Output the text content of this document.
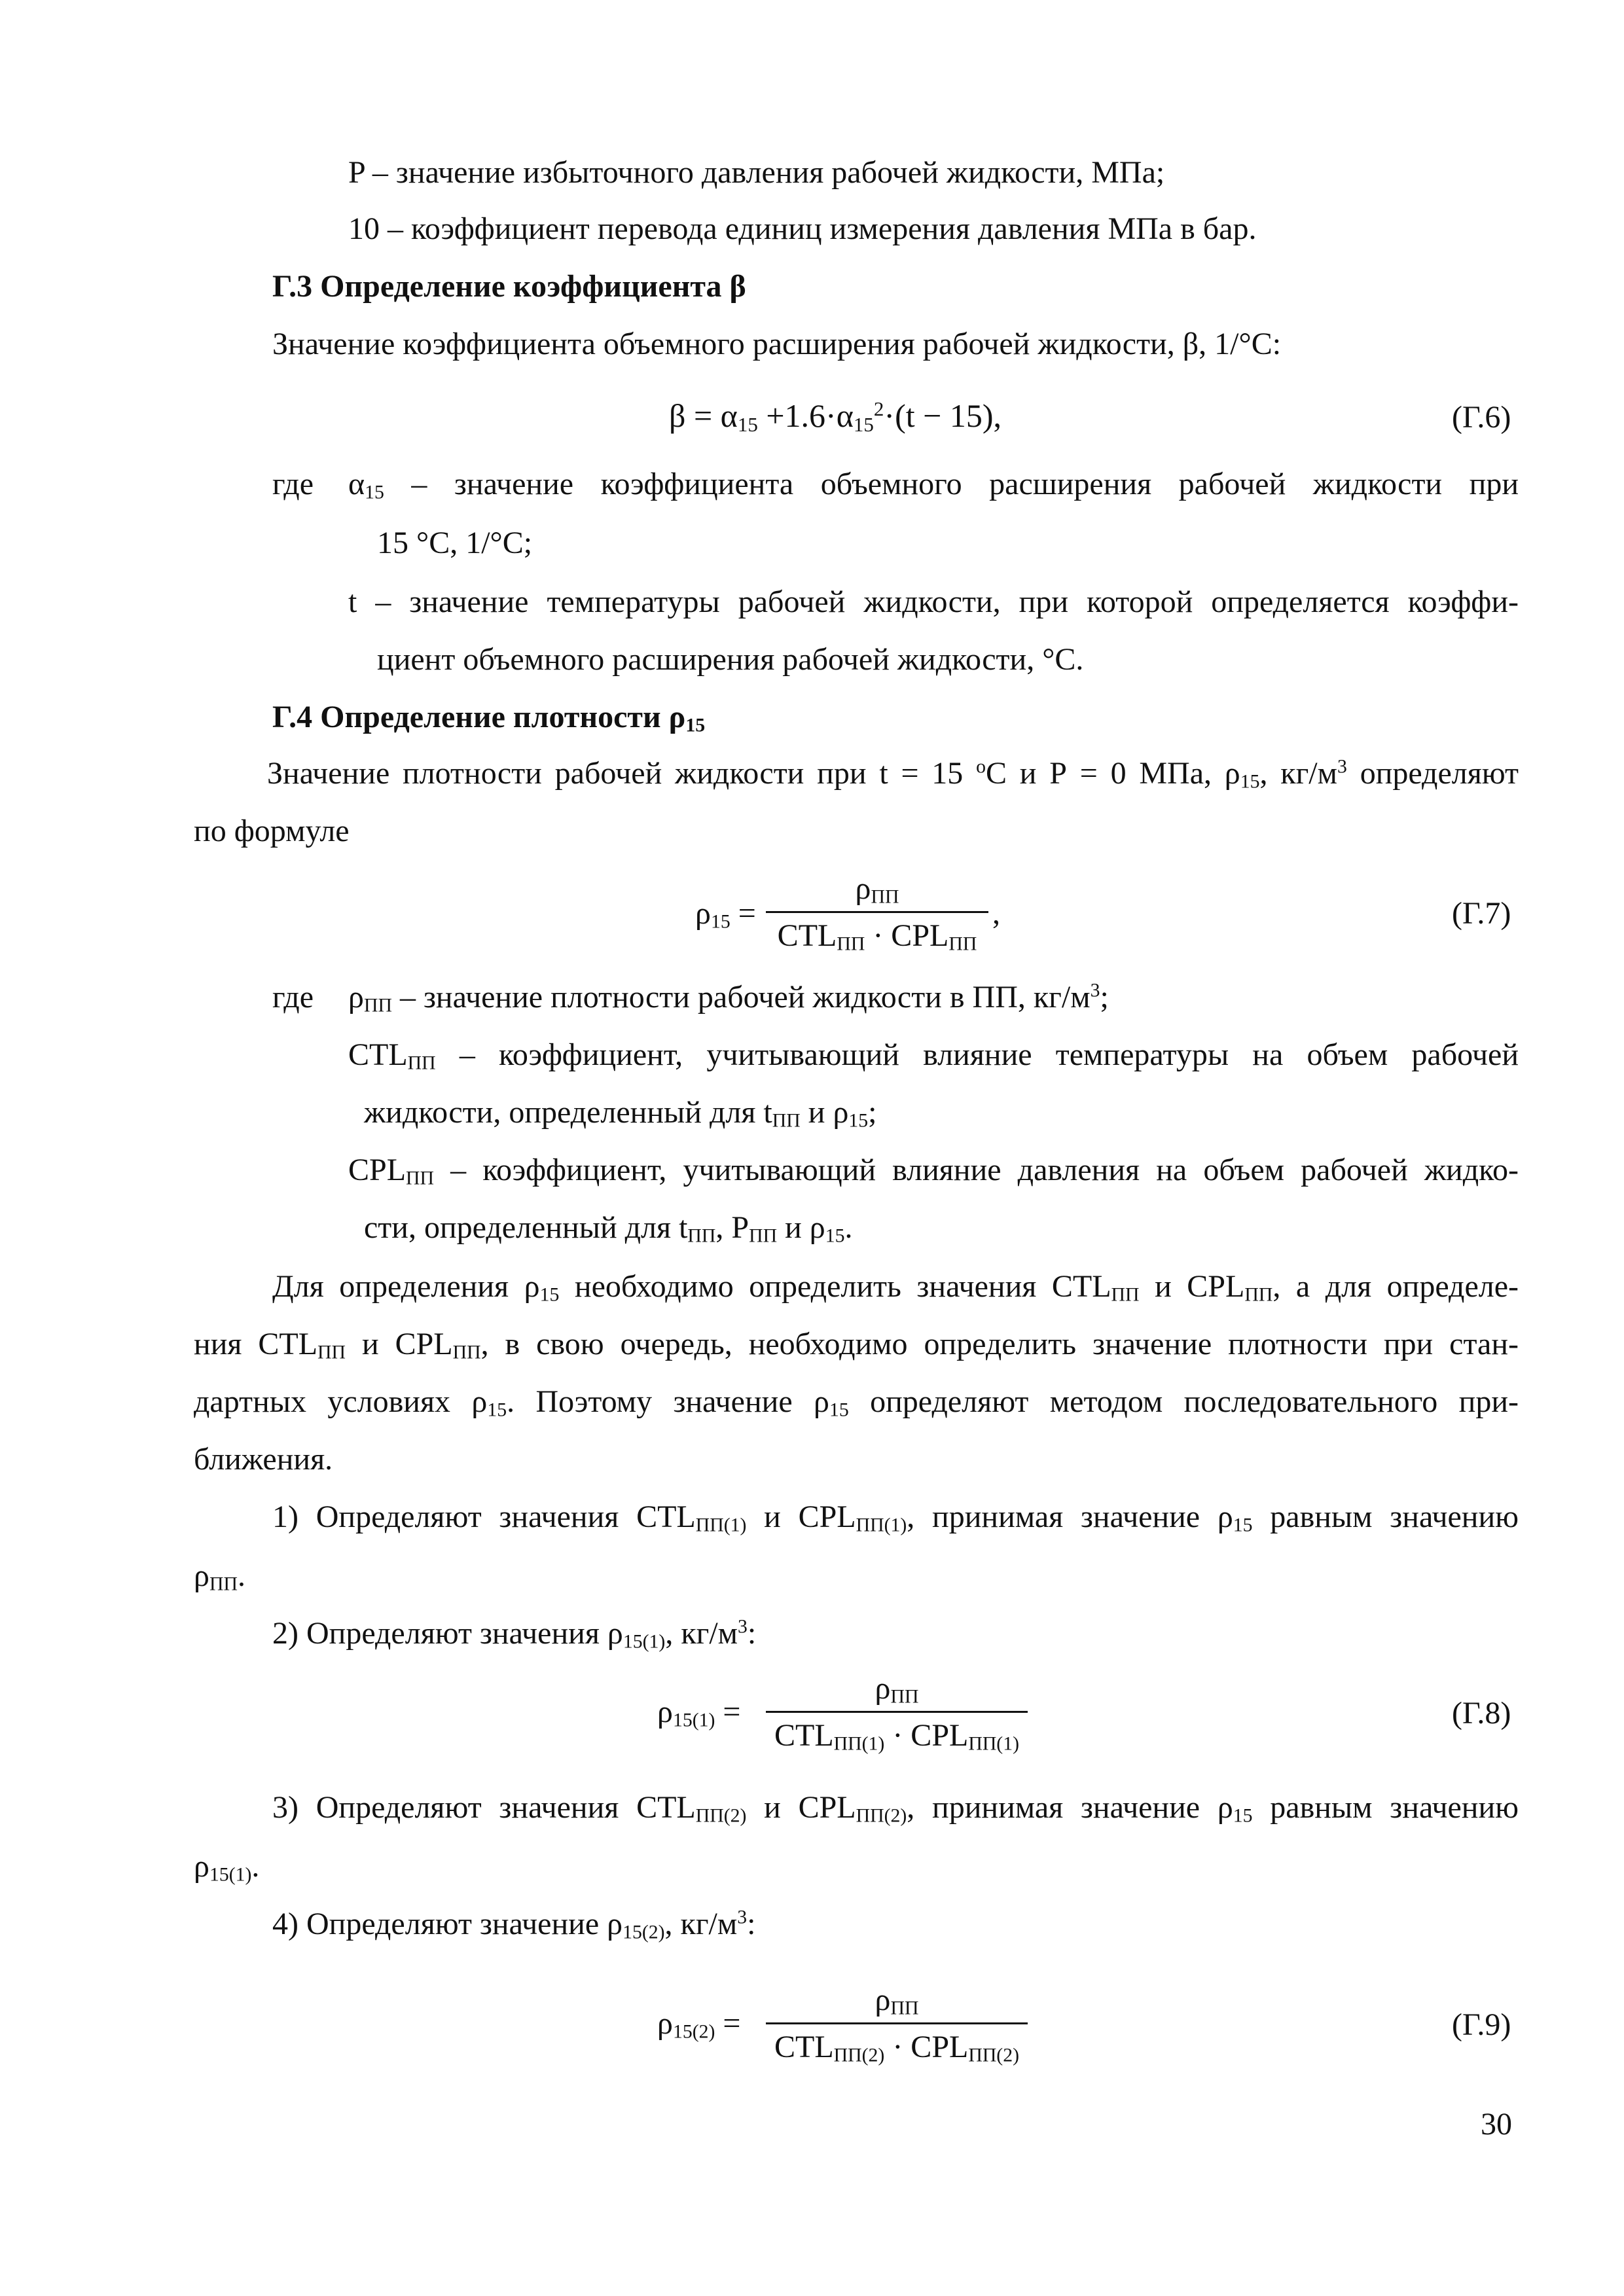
P – значение избыточного давления рабочей жидкости, МПа;
10 – коэффициент перевода единиц измерения давления МПа в бар.
Г.3 Определение коэффициента β
Значение коэффициента объемного расширения рабочей жидкости, β, 1/°C:
$\beta = \alpha_{15} +1.6\cdot\alpha_{15}^2\cdot(t - 15)$,	(Г.6)
где $\alpha_{15}$ – значение коэффициента объемного расширения рабочей жидкости при
15 °С, 1/°С;
t – значение температуры рабочей жидкости, при которой определяется коэффи-
циент объемного расширения рабочей жидкости, °С.
Г.4 Определение плотности $\rho_{15}$
Значение плотности рабочей жидкости при t = 15 $^о$С и Р = 0 МПа, $\rho_{15}$, $кг/м^3$ определяют
по формуле
$\rho_{15}$ =
$\rho_{ПП}$
$CTL_{ПП} \cdot CPL_{ПП}$
,	(Г.7)
где $\rho_{ПП}$ – значение плотности рабочей жидкости в ПП, $кг/м^3$;
$CTL_{ПП}$ – коэффициент, учитывающий влияние температуры на объем рабочей
жидкости, определенный для $t_{ПП}$ и $\rho_{15}$;
$CPL_{ПП}$ – коэффициент, учитывающий влияние давления на объем рабочей жидко-
сти, определенный для $t_{ПП}$, $Р_{ПП}$ и $\rho_{15}$.
Для определения $\rho_{15}$ необходимо определить значения $CTL_{ПП}$ и $CPL_{ПП}$, а для определе-
ния $CTL_{ПП}$ и $CPL_{ПП}$, в свою очередь, необходимо определить значение плотности при стан-
дартных условиях $\rho_{15}$. Поэтому значение $\rho_{15}$ определяют методом последовательного при-
ближения.
1) Определяют значения $CTL_{ПП(1)}$ и $CPL_{ПП(1)}$, принимая значение $\rho_{15}$ равным значению
$\rho_{ПП}$.
2) Определяют значения $\rho_{15(1)}$, $кг/м^3$:
$\rho_{15(1)}$ =
$\rho_{ПП}$
$CTL_{ПП(1)} \cdot CPL_{ПП(1)}$
(Г.8)
3) Определяют значения $CTL_{ПП(2)}$ и $CPL_{ПП(2)}$, принимая значение $\rho_{15}$ равным значению
$\rho_{15(1)}$.
4) Определяют значение $\rho_{15(2)}$, $кг/м^3$:
$\rho_{15(2)}$ =
$\rho_{ПП}$
$CTL_{ПП(2)} \cdot CPL_{ПП(2)}$
(Г.9)
30
